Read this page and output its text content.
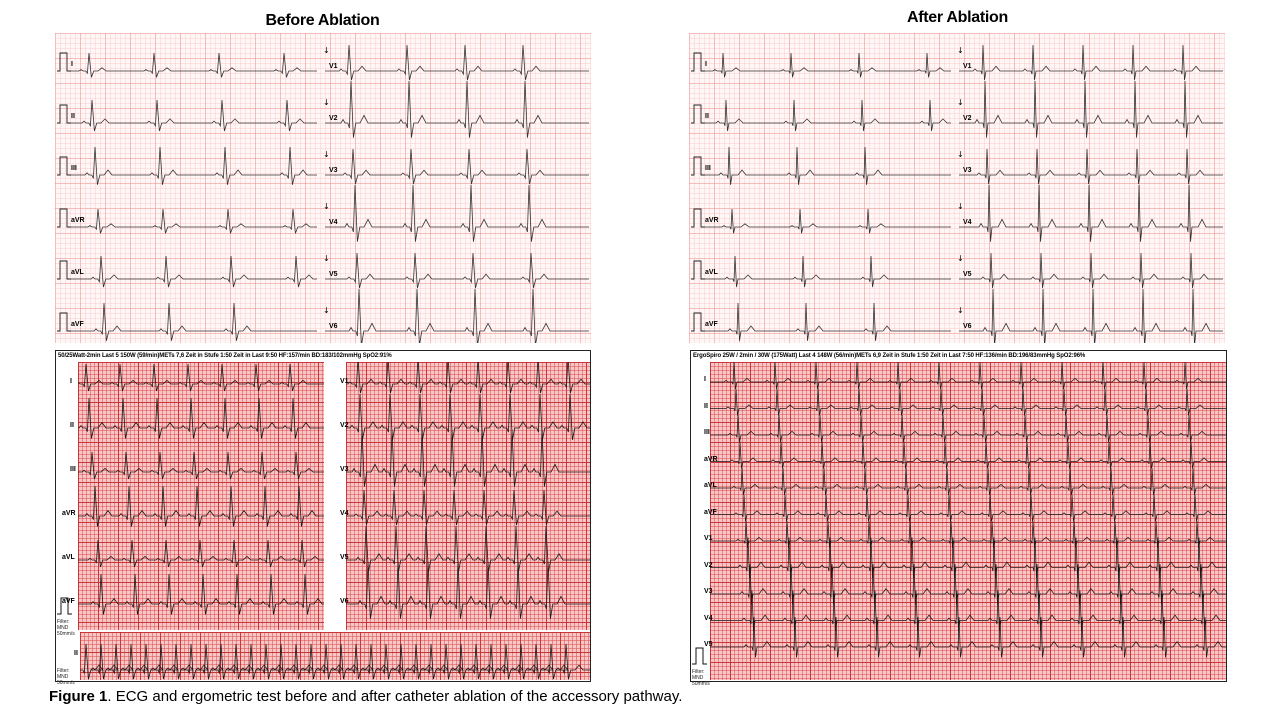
Before Ablation	After Ablation
↓
↓
↓
↓
↓
↓
↓
↓
↓
↓
↓
↓
50/25Watt-2min Last 5 150W (59/min)METs 7,6 Zeit in Stufe 1:50 Zeit in Last 9:50 HF:157/min BD:183/102mmHg SpO2:91%
Filter: MND 50mm/s
Filter: MND 50mm/s
ErgoSpiro 25W / 2min / 30W (175Watt) Last 4 148W (56/min)METs 6,9 Zeit in Stufe 1:50 Zeit in Last 7:50 HF:136/min BD:196/83mmHg SpO2:96%
Filter: MND 50mm/s
I	V1
II	V2
III	V3
aVR	V4
aVL	V5
aVF	V6
I	V1
II	V2
III	V3
aVR	V4
aVL	V5
aVF	V6
I
II
III
aVR
aVL
aVF
V1
V2
V3
V4
V5
V6
II
I
II
III
aVR
aVL
aVF
V1
V2
V3
V4
V5
Figure 1. ECG and ergometric test before and after catheter ablation of the accessory pathway.
